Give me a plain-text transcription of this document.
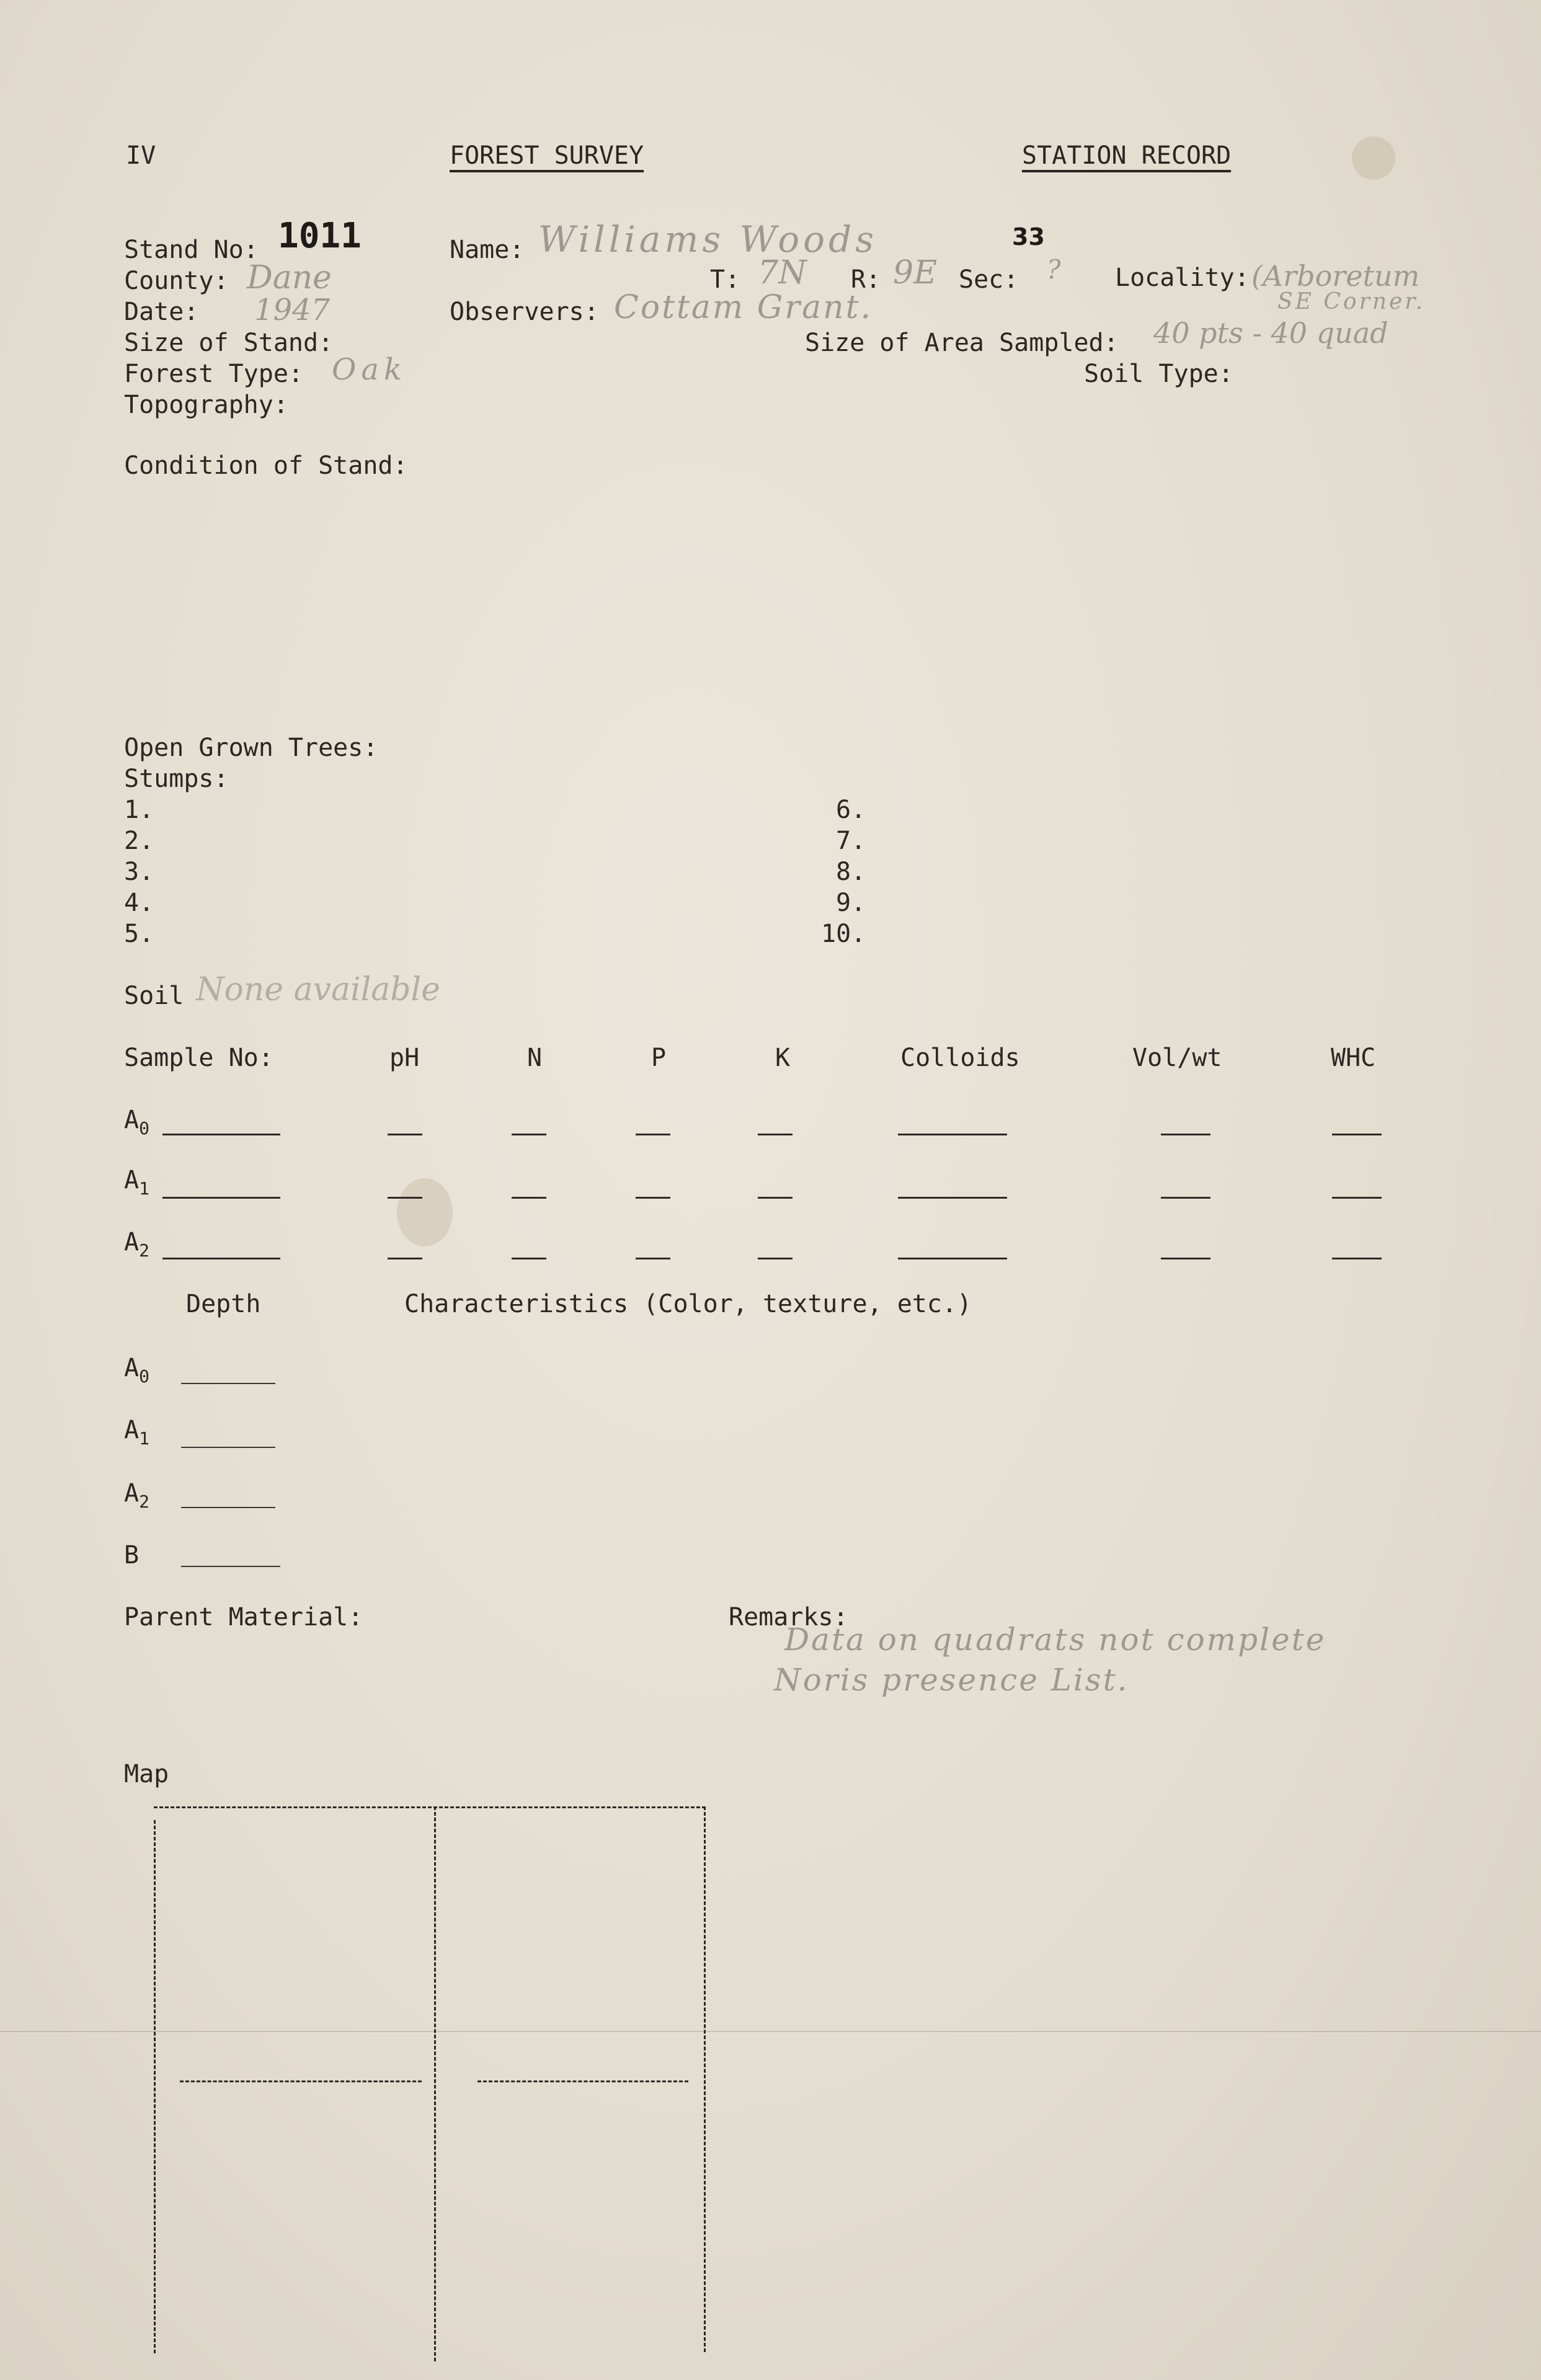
IV	FOREST SURVEY	STATION RECORD
Stand No: 1011	Name: Williams Woods	33
County: Dane	T: 7N R: 9E Sec: ? Locality: (Arboretum
SE Corner.
Date: 1947	Observers: Cottam Grant.
Size of Stand:	Size of Area Sampled: 40 pts - 40 quad
Forest Type: Oak	Soil Type:
Topography:
Condition of Stand:
Open Grown Trees:
Stumps:
1.
2.
3.
4.
5.
6.
7.
8.
9.
10.
Soil None available
Sample No:	pH	N	P	K	Colloids	Vol/wt	WHC
$A_0$
$A_1$
$A_2$
Depth	Characteristics (Color, texture, etc.)
$A_0$
$A_1$
$A_2$
B
Parent Material:	Remarks:
Data on quadrats not complete
Noris presence List.
Map
